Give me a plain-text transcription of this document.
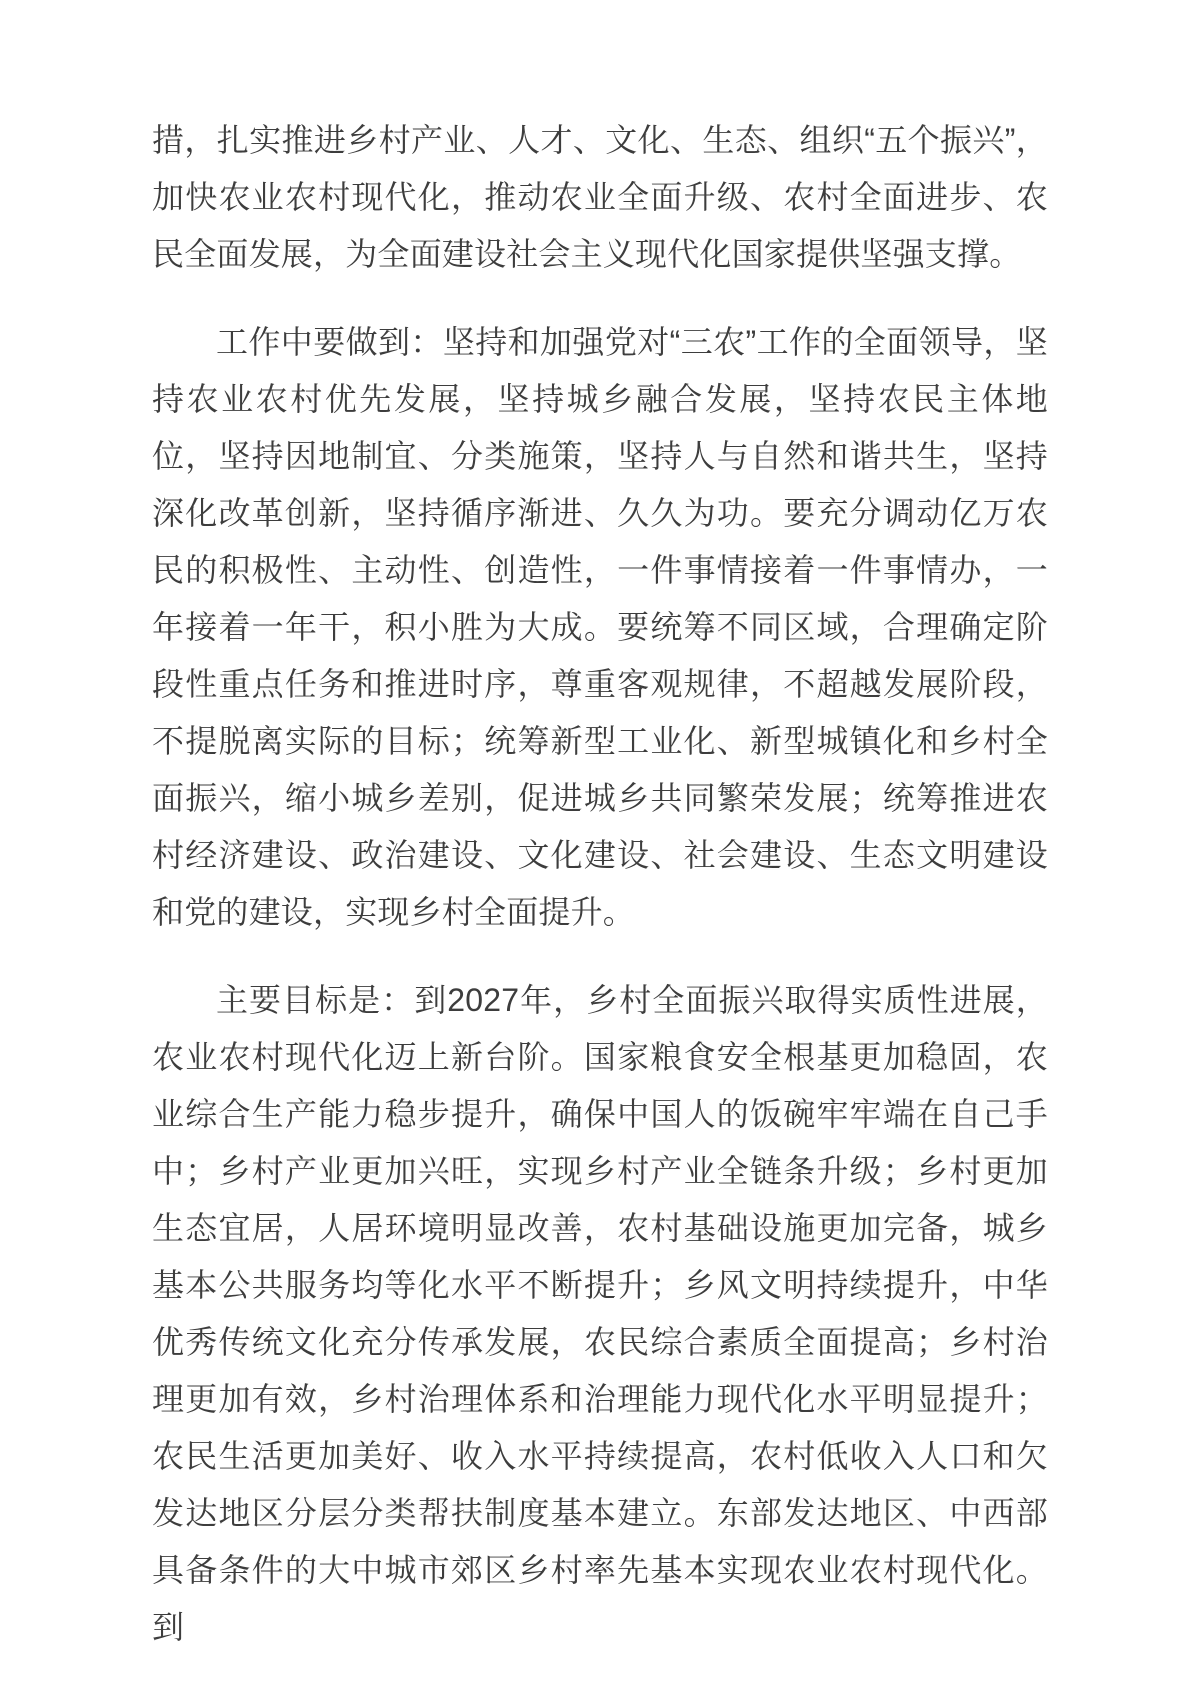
措，扎实推进乡村产业、人才、文化、生态、组织“五个振兴”，加快农业农村现代化，推动农业全面升级、农村全面进步、农民全面发展，为全面建设社会主义现代化国家提供坚强支撑。

工作中要做到：坚持和加强党对“三农”工作的全面领导，坚持农业农村优先发展，坚持城乡融合发展，坚持农民主体地位，坚持因地制宜、分类施策，坚持人与自然和谐共生，坚持深化改革创新，坚持循序渐进、久久为功。要充分调动亿万农民的积极性、主动性、创造性，一件事情接着一件事情办，一年接着一年干，积小胜为大成。要统筹不同区域，合理确定阶段性重点任务和推进时序，尊重客观规律，不超越发展阶段，不提脱离实际的目标；统筹新型工业化、新型城镇化和乡村全面振兴，缩小城乡差别，促进城乡共同繁荣发展；统筹推进农村经济建设、政治建设、文化建设、社会建设、生态文明建设和党的建设，实现乡村全面提升。

主要目标是：到2027年，乡村全面振兴取得实质性进展，农业农村现代化迈上新台阶。国家粮食安全根基更加稳固，农业综合生产能力稳步提升，确保中国人的饭碗牢牢端在自己手中；乡村产业更加兴旺，实现乡村产业全链条升级；乡村更加生态宜居，人居环境明显改善，农村基础设施更加完备，城乡基本公共服务均等化水平不断提升；乡风文明持续提升，中华优秀传统文化充分传承发展，农民综合素质全面提高；乡村治理更加有效，乡村治理体系和治理能力现代化水平明显提升；农民生活更加美好、收入水平持续提高，农村低收入人口和欠发达地区分层分类帮扶制度基本建立。东部发达地区、中西部具备条件的大中城市郊区乡村率先基本实现农业农村现代化。到
